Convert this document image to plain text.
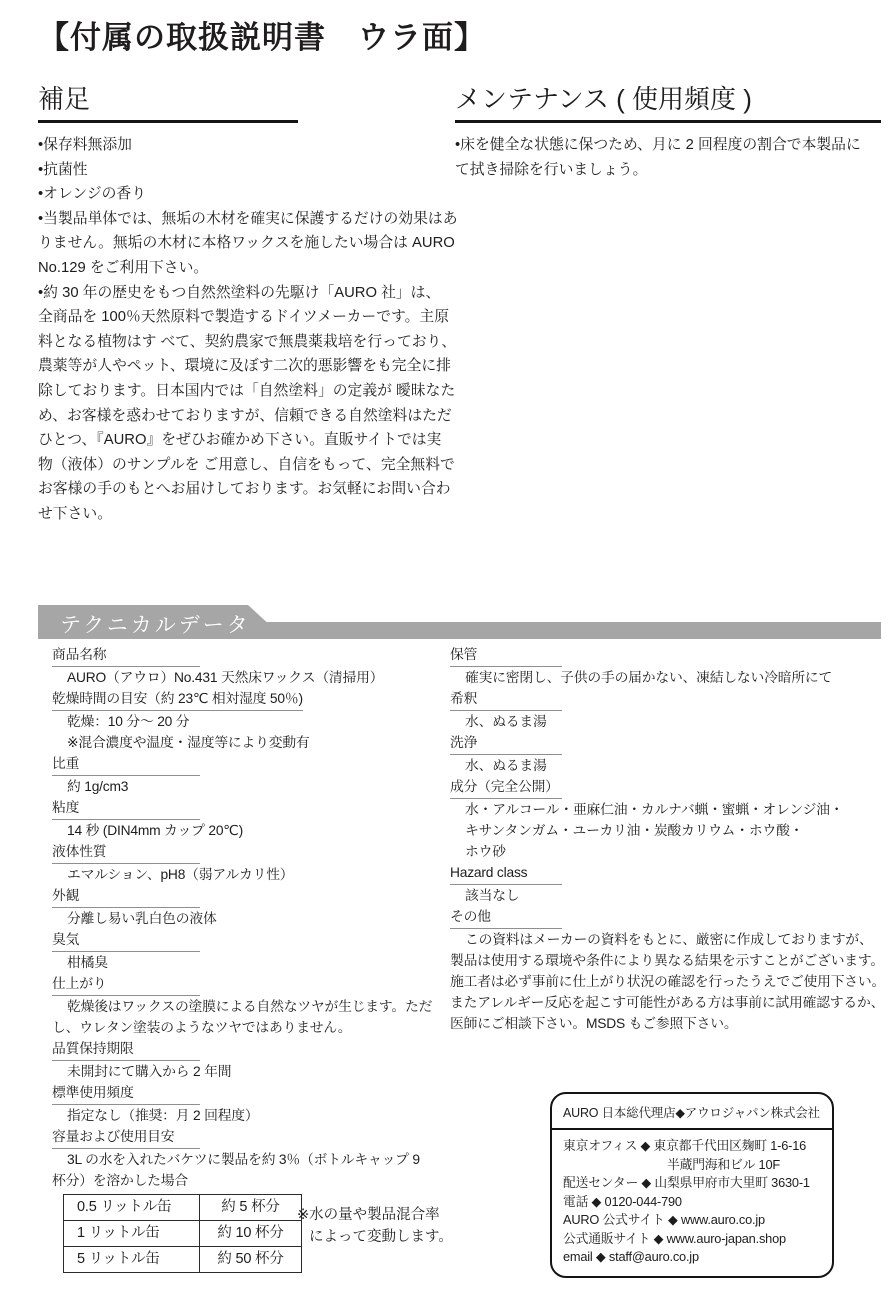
【付属の取扱説明書　ウラ面】
補足
•保存料無添加
•抗菌性
•オレンジの香り
•当製品単体では、無垢の木材を確実に保護するだけの効果はあ
りません。無垢の木材に本格ワックスを施したい場合は AURO
No.129 をご利用下さい。
•約 30 年の歴史をもつ自然然塗料の先駆け「AURO 社」は、
全商品を 100％天然原料で製造するドイツメーカーです。主原
料となる植物はす べて、契約農家で無農薬栽培を行っており、
農薬等が人やペット、環境に及ぼす二次的悪影響をも完全に排
除しております。日本国内では「自然塗料」の定義が 曖昧なた
め、お客様を惑わせておりますが、信頼できる自然塗料はただ
ひとつ、『AURO』をぜひお確かめ下さい。直販サイトでは実
物（液体）のサンプルを ご用意し、自信をもって、完全無料で
お客様の手のもとへお届けしております。お気軽にお問い合わ
せ下さい。
メンテナンス ( 使用頻度 )
•床を健全な状態に保つため、月に 2 回程度の割合で本製品に
て拭き掃除を行いましょう。
テクニカルデータ
商品名称
AURO（アウロ）No.431 天然床ワックス（清掃用）
乾燥時間の目安（約 23℃ 相対湿度 50％)
乾燥：10 分～ 20 分
※混合濃度や温度・湿度等により変動有
比重
約 1g/cm3
粘度
14 秒 (DIN4mm カップ 20℃)
液体性質
エマルション、pH8（弱アルカリ性）
外観
分離し易い乳白色の液体
臭気
柑橘臭
仕上がり
乾燥後はワックスの塗膜による自然なツヤが生じます。ただ
し、ウレタン塗装のようなツヤではありません。
品質保持期限
未開封にて購入から 2 年間
標準使用頻度
指定なし（推奨：月 2 回程度）
容量および使用目安
3L の水を入れたバケツに製品を約 3％（ボトルキャップ 9
杯分）を溶かした場合
0.5 リットル缶	約 5 杯分
1 リットル缶	約 10 杯分
5 リットル缶	約 50 杯分
保管
確実に密閉し、子供の手の届かない、凍結しない冷暗所にて
希釈
水、ぬるま湯
洗浄
水、ぬるま湯
成分（完全公開）
水・アルコール・亜麻仁油・カルナバ蝋・蜜蝋・オレンジ油・
キサンタンガム・ユーカリ油・炭酸カリウム・ホウ酸・
ホウ砂
Hazard class
該当なし
その他
この資料はメーカーの資料をもとに、厳密に作成しておりますが、
製品は使用する環境や条件により異なる結果を示すことがございます。
施工者は必ず事前に仕上がり状況の確認を行ったうえでご使用下さい。
またアレルギー反応を起こす可能性がある方は事前に試用確認するか、
医師にご相談下さい。MSDS もご参照下さい。
※水の量や製品混合率
によって変動します。
AURO 日本総代理店◆アウロジャパン株式会社
東京オフィス ◆ 東京都千代田区麹町 1-6-16
半蔵門海和ビル 10F
配送センター ◆ 山梨県甲府市大里町 3630-1
電話 ◆ 0120-044-790
AURO 公式サイト ◆ www.auro.co.jp
公式通販サイト ◆ www.auro-japan.shop
email ◆ staff@auro.co.jp
